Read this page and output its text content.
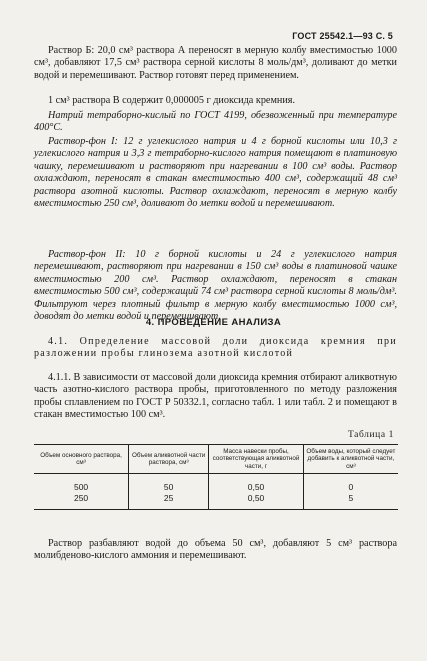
ГОСТ 25542.1—93 С. 5

Раствор Б: 20,0 см³ раствора А переносят в мерную колбу вместимостью 1000 см³, добавляют 17,5 см³ раствора серной кислоты 8 моль/дм³, доливают до метки водой и перемешивают. Раствор готовят перед применением.

1 см³ раствора В содержит 0,000005 г диоксида кремния.

Натрий тетраборно-кислый по ГОСТ 4199, обезвоженный при температуре 400°С.

Раствор-фон I: 12 г углекислого натрия и 4 г борной кислоты или 10,3 г углекислого натрия и 3,3 г тетраборно-кислого натрия помещают в платиновую чашку, перемешивают и растворяют при нагревании в 100 см³ воды. Раствор охлаждают, переносят в стакан вместимостью 400 см³, содержащий 48 см³ раствора азотной кислоты. Раствор охлаждают, переносят в мерную колбу вместимостью 250 см³, доливают до метки водой и перемешивают.

Раствор-фон II: 10 г борной кислоты и 24 г углекислого натрия перемешивают, растворяют при нагревании в 150 см³ воды в платиновой чашке вместимостью 200 см³. Раствор охлаждают, переносят в стакан вместимостью 500 см³, содержащий 74 см³ раствора серной кислоты 8 моль/дм³. Фильтруют через плотный фильтр в мерную колбу вместимостью 1000 см³, доводят до метки водой и перемешивают.

4. ПРОВЕДЕНИЕ АНАЛИЗА

4.1. Определение массовой доли диоксида кремния при разложении пробы глинозема азотной кислотой

4.1.1. В зависимости от массовой доли диоксида кремния отбирают аликвотную часть азотно-кислого раствора пробы, приготовленного по методу разложения пробы сплавлением по ГОСТ Р 50332.1, согласно табл. 1 или табл. 2 и помещают в стакан вместимостью 100 см³.

Таблица 1
Объем основного раствора, см³	Объем аликвотной части раствора, см³	Масса навески пробы, соответствующая аликвотной части, г	Объем воды, который следует добавить к аликвотной части, см³
500	50	0,50	0
250	25	0,50	5

Раствор разбавляют водой до объема 50 см³, добавляют 5 см³ раствора молибденово-кислого аммония и перемешивают.
